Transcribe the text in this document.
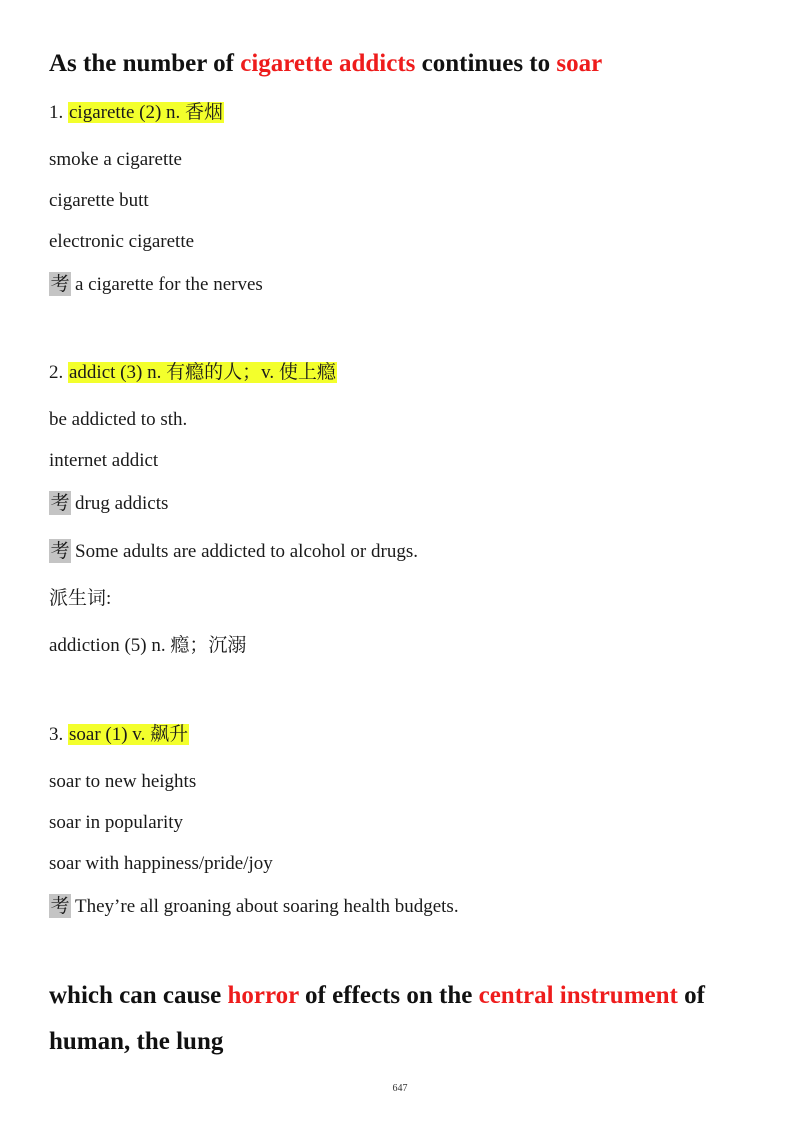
As the number of cigarette addicts continues to soar
1. cigarette (2) n. 香烟
smoke a cigarette
cigarette butt
electronic cigarette
考 a cigarette for the nerves
2. addict (3) n. 有瘾的人；v. 使上瘾
be addicted to sth.
internet addict
考 drug addicts
考 Some adults are addicted to alcohol or drugs.
派生词:
addiction (5) n. 瘾；沉溺
3. soar (1) v. 飙升
soar to new heights
soar in popularity
soar with happiness/pride/joy
考 They’re all groaning about soaring health budgets.
which can cause horror of effects on the central instrument of
human, the lung
647
